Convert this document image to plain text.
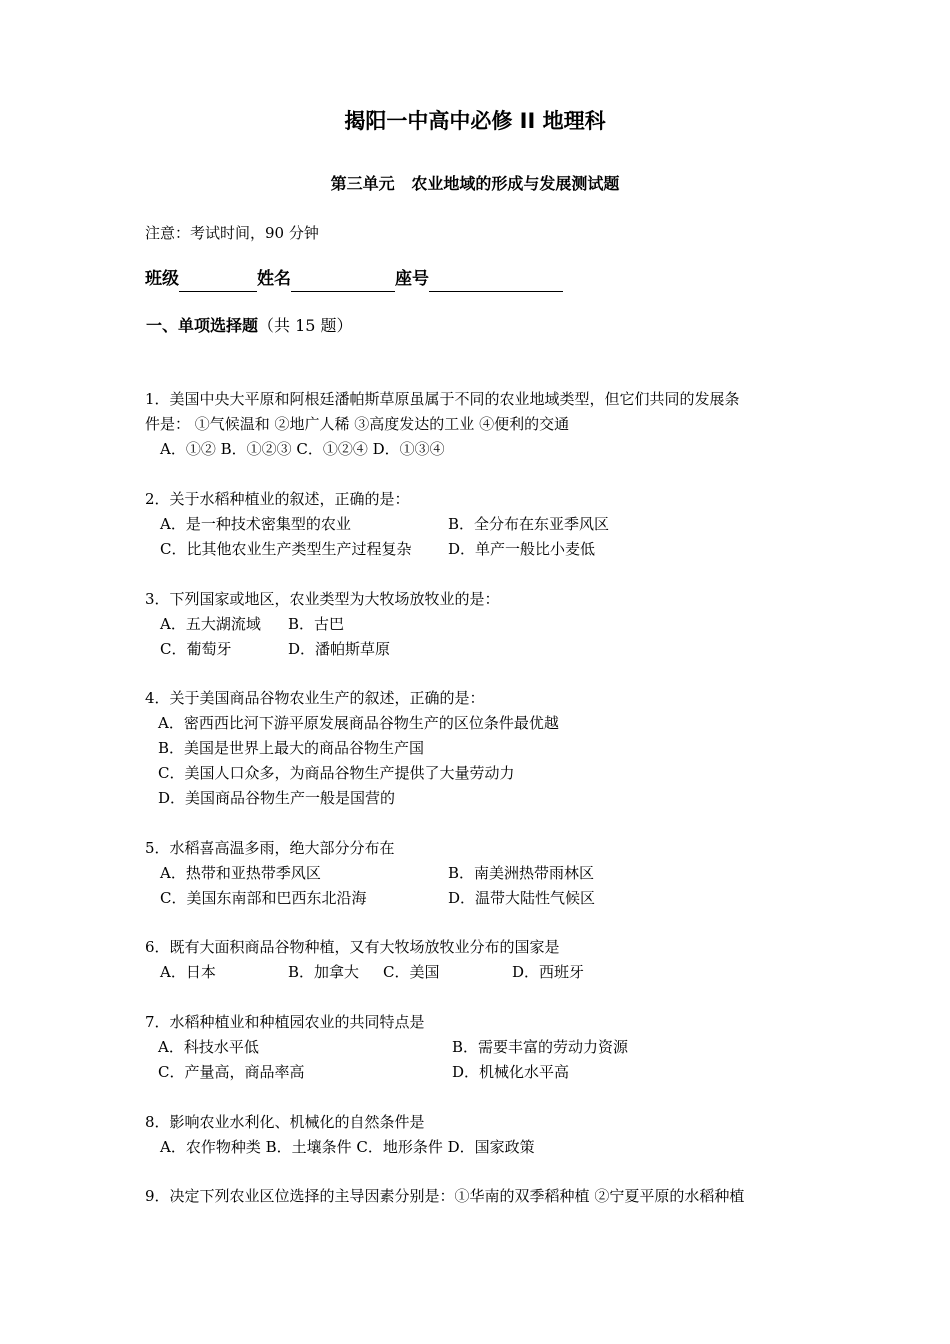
揭阳一中高中必修 II 地理科
第三单元   农业地域的形成与发展测试题
注意：考试时间，90 分钟
班级	姓名	座号
一、单项选择题（共 15 题）
1．美国中央大平原和阿根廷潘帕斯草原虽属于不同的农业地域类型，但它们共同的发展条
件是： ①气候温和 ②地广人稀 ③高度发达的工业 ④便利的交通
A．①② B．①②③ C．①②④ D．①③④
2．关于水稻种植业的叙述，正确的是：
A．是一种技术密集型的农业	B．全分布在东亚季风区
C．比其他农业生产类型生产过程复杂 D．单产一般比小麦低
3．下列国家或地区，农业类型为大牧场放牧业的是：
A．五大湖流域 B．古巴
C．葡萄牙	D．潘帕斯草原
4．关于美国商品谷物农业生产的叙述，正确的是：
A．密西西比河下游平原发展商品谷物生产的区位条件最优越
B．美国是世界上最大的商品谷物生产国
C．美国人口众多，为商品谷物生产提供了大量劳动力
D．美国商品谷物生产一般是国营的
5．水稻喜高温多雨，绝大部分分布在
A．热带和亚热带季风区	B．南美洲热带雨林区
C．美国东南部和巴西东北沿海	D．温带大陆性气候区
6．既有大面积商品谷物种植，又有大牧场放牧业分布的国家是
A．日本	B．加拿大 C．美国	D．西班牙
7．水稻种植业和种植园农业的共同特点是
A．科技水平低	B．需要丰富的劳动力资源
C．产量高，商品率高	D．机械化水平高
8．影响农业水利化、机械化的自然条件是
A．农作物种类 B．土壤条件 C．地形条件 D．国家政策
9．决定下列农业区位选择的主导因素分别是：①华南的双季稻种植 ②宁夏平原的水稻种植
